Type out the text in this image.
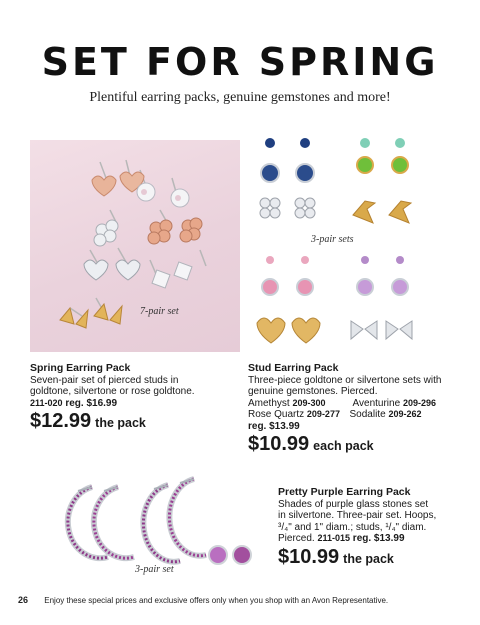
SET FOR SPRING
Plentiful earring packs, genuine gemstones and more!
7-pair set
3-pair sets
Spring Earring Pack
Seven-pair set of pierced studs in
goldtone, silvertone or rose goldtone.
211-020 reg. $16.99
$12.99 the pack
Stud Earring Pack
Three-piece goldtone or silvertone sets with
genuine gemstones. Pierced.
Amethyst 209-300	Aventurine 209-296
Rose Quartz 209-277 Sodalite 209-262
reg. $13.99
$10.99 each pack
3-pair set
Pretty Purple Earring Pack
Shades of purple glass stones set
in silvertone. Three-pair set. Hoops,
³/₄" and 1" diam.; studs, ¹/₄" diam.
Pierced. 211-015 reg. $13.99
$10.99 the pack
26 Enjoy these special prices and exclusive offers only when you shop with an Avon Representative.
